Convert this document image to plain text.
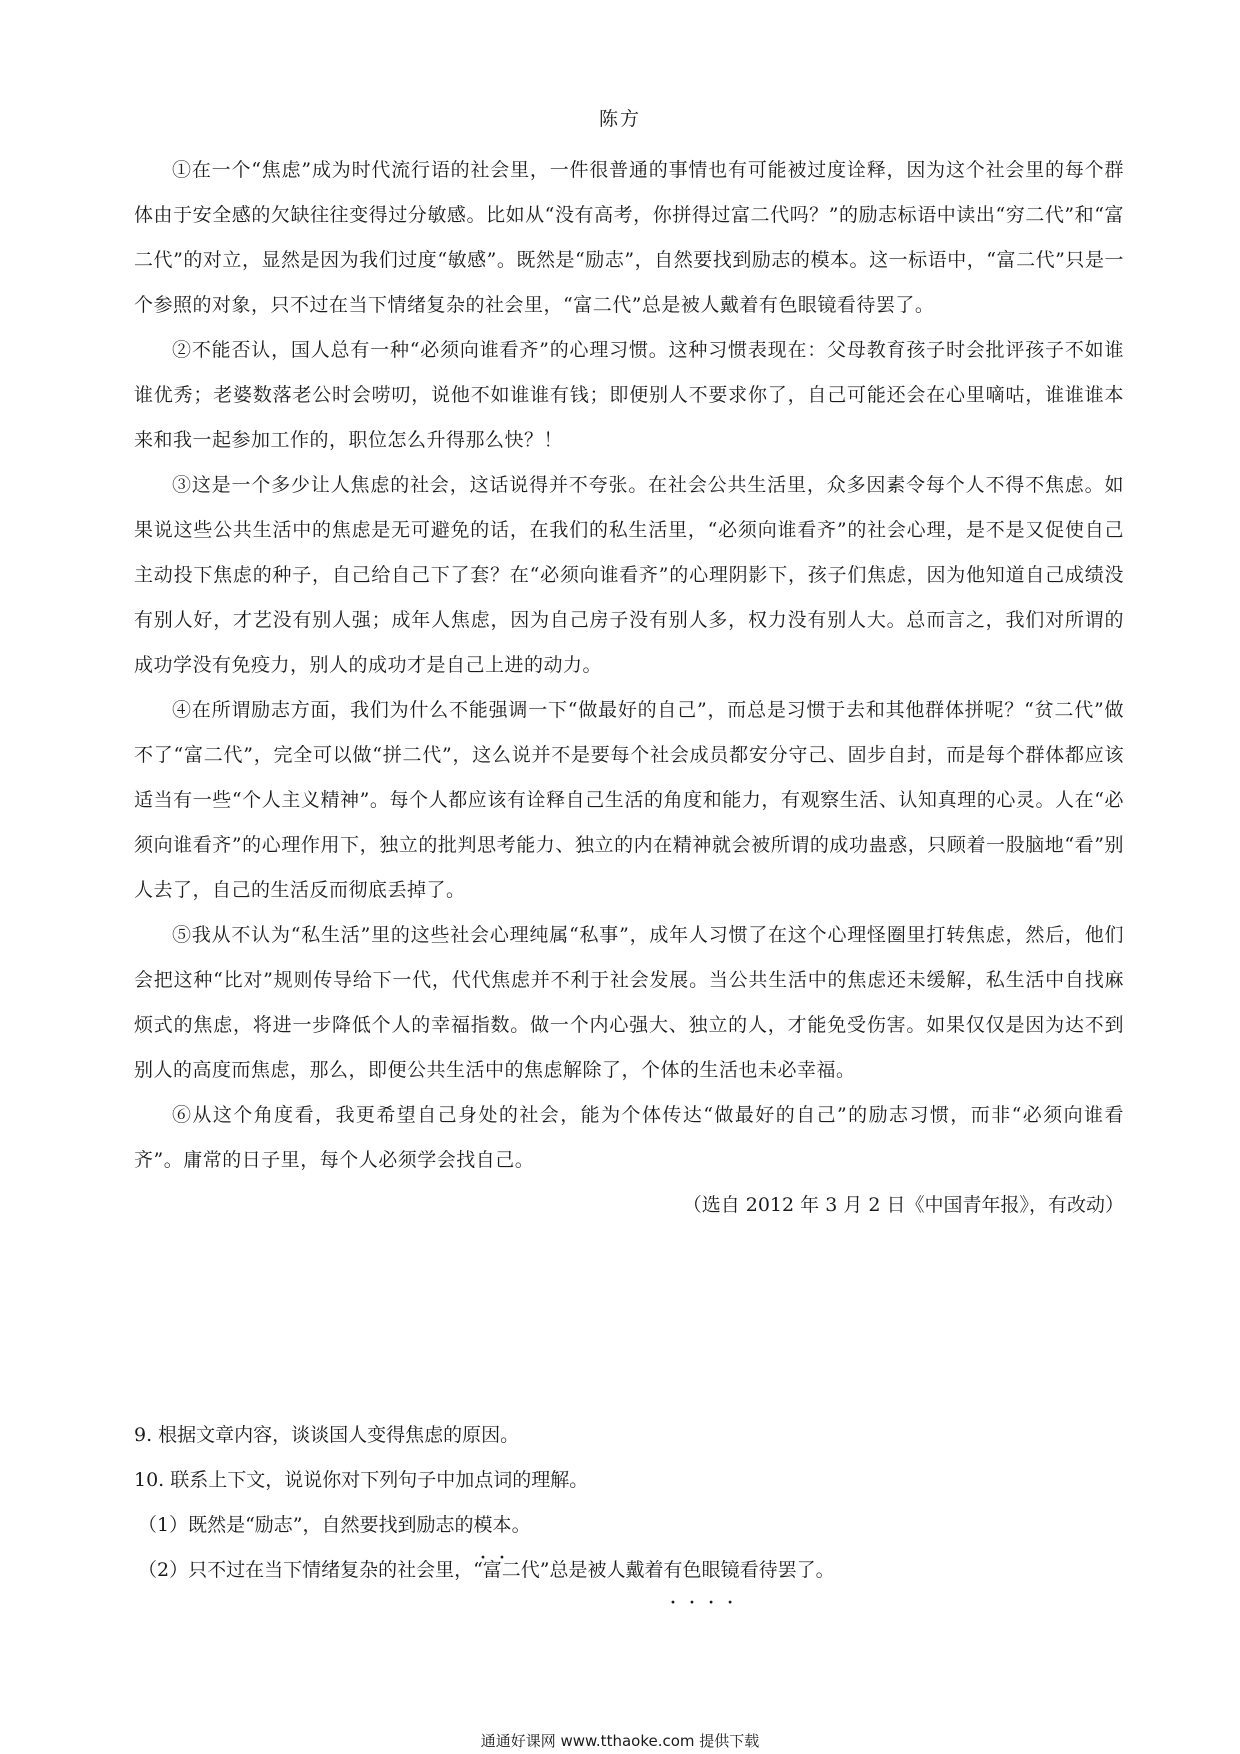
陈方

①在一个“焦虑”成为时代流行语的社会里，一件很普通的事情也有可能被过度诠释，因为这个社会里的每个群体由于安全感的欠缺往往变得过分敏感。比如从“没有高考，你拼得过富二代吗？”的励志标语中读出“穷二代”和“富二代”的对立，显然是因为我们过度“敏感”。既然是“励志”，自然要找到励志的模本。这一标语中，“富二代”只是一个参照的对象，只不过在当下情绪复杂的社会里，“富二代”总是被人戴着有色眼镜看待罢了。

②不能否认，国人总有一种“必须向谁看齐”的心理习惯。这种习惯表现在：父母教育孩子时会批评孩子不如谁谁优秀；老婆数落老公时会唠叨，说他不如谁谁有钱；即便别人不要求你了，自己可能还会在心里嘀咕，谁谁谁本来和我一起参加工作的，职位怎么升得那么快？！

③这是一个多少让人焦虑的社会，这话说得并不夸张。在社会公共生活里，众多因素令每个人不得不焦虑。如果说这些公共生活中的焦虑是无可避免的话，在我们的私生活里，“必须向谁看齐”的社会心理，是不是又促使自己主动投下焦虑的种子，自己给自己下了套？在“必须向谁看齐”的心理阴影下，孩子们焦虑，因为他知道自己成绩没有别人好，才艺没有别人强；成年人焦虑，因为自己房子没有别人多，权力没有别人大。总而言之，我们对所谓的成功学没有免疫力，别人的成功才是自己上进的动力。

④在所谓励志方面，我们为什么不能强调一下“做最好的自己”，而总是习惯于去和其他群体拼呢？“贫二代”做不了“富二代”，完全可以做“拼二代”，这么说并不是要每个社会成员都安分守己、固步自封，而是每个群体都应该适当有一些“个人主义精神”。每个人都应该有诠释自己生活的角度和能力，有观察生活、认知真理的心灵。人在“必须向谁看齐”的心理作用下，独立的批判思考能力、独立的内在精神就会被所谓的成功蛊惑，只顾着一股脑地“看”别人去了，自己的生活反而彻底丢掉了。

⑤我从不认为“私生活”里的这些社会心理纯属“私事”，成年人习惯了在这个心理怪圈里打转焦虑，然后，他们会把这种“比对”规则传导给下一代，代代焦虑并不利于社会发展。当公共生活中的焦虑还未缓解，私生活中自找麻烦式的焦虑，将进一步降低个人的幸福指数。做一个内心强大、独立的人，才能免受伤害。如果仅仅是因为达不到别人的高度而焦虑，那么，即便公共生活中的焦虑解除了，个体的生活也未必幸福。

⑥从这个角度看，我更希望自己身处的社会，能为个体传达“做最好的自己”的励志习惯，而非“必须向谁看齐”。庸常的日子里，每个人必须学会找自己。

（选自 2012 年 3 月 2 日《中国青年报》，有改动）

9. 根据文章内容，谈谈国人变得焦虑的原因。

10. 联系上下文，说说你对下列句子中加点词的理解。

（1）既然是“励志”，自然要找到励志的模本。

（2）只不过在当下情绪复杂的社会里，“富二代”总是被人戴着有色眼镜看待罢了。

通通好课网 www.tthaoke.com 提供下载
